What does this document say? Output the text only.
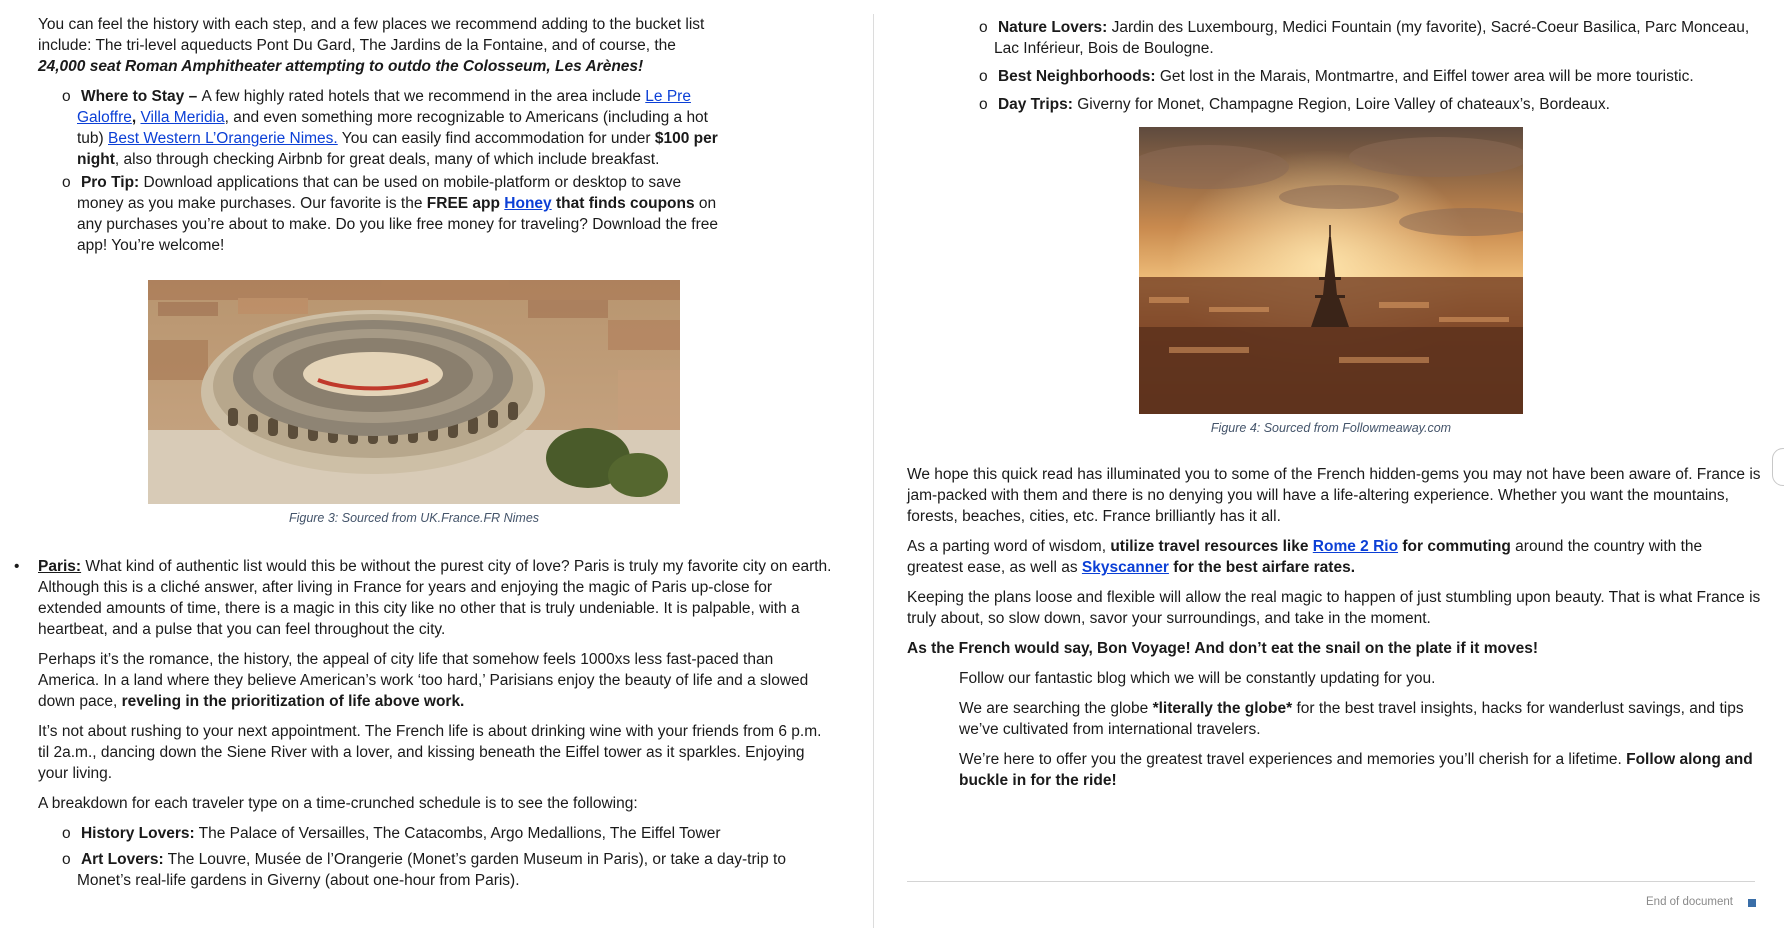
You can feel the history with each step, and a few places we recommend adding to the bucket list include: The tri-level aqueducts Pont Du Gard, The Jardins de la Fontaine, and of course, the 24,000 seat Roman Amphitheater attempting to outdo the Colosseum, Les Arènes!

o Where to Stay – A few highly rated hotels that we recommend in the area include Le Pre Galoffre, Villa Meridia, and even something more recognizable to Americans (including a hot tub) Best Western L’Orangerie Nimes. You can easily find accommodation for under $100 per night, also through checking Airbnb for great deals, many of which include breakfast.
o Pro Tip: Download applications that can be used on mobile-platform or desktop to save money as you make purchases. Our favorite is the FREE app Honey that finds coupons on any purchases you’re about to make. Do you like free money for traveling? Download the free app! You’re welcome!
Figure 3: Sourced from UK.France.FR Nimes

• Paris: What kind of authentic list would this be without the purest city of love? Paris is truly my favorite city on earth. Although this is a cliché answer, after living in France for years and enjoying the magic of Paris up-close for extended amounts of time, there is a magic in this city like no other that is truly undeniable. It is palpable, with a heartbeat, and a pulse that you can feel throughout the city.

Perhaps it’s the romance, the history, the appeal of city life that somehow feels 1000xs less fast-paced than America. In a land where they believe American’s work ‘too hard,’ Parisians enjoy the beauty of life and a slowed down pace, reveling in the prioritization of life above work.

It’s not about rushing to your next appointment. The French life is about drinking wine with your friends from 6 p.m. til 2a.m., dancing down the Siene River with a lover, and kissing beneath the Eiffel tower as it sparkles. Enjoying your living.

A breakdown for each traveler type on a time-crunched schedule is to see the following:

o History Lovers: The Palace of Versailles, The Catacombs, Argo Medallions, The Eiffel Tower
o Art Lovers: The Louvre, Musée de l’Orangerie (Monet’s garden Museum in Paris), or take a day-trip to Monet’s real-life gardens in Giverny (about one-hour from Paris).
o Nature Lovers: Jardin des Luxembourg, Medici Fountain (my favorite), Sacré-Coeur Basilica, Parc Monceau, Lac Inférieur, Bois de Boulogne.
o Best Neighborhoods: Get lost in the Marais, Montmartre, and Eiffel tower area will be more touristic.
o Day Trips: Giverny for Monet, Champagne Region, Loire Valley of chateaux’s, Bordeaux.
Figure 4: Sourced from Followmeaway.com

We hope this quick read has illuminated you to some of the French hidden-gems you may not have been aware of. France is jam-packed with them and there is no denying you will have a life-altering experience. Whether you want the mountains, forests, beaches, cities, etc. France brilliantly has it all.

As a parting word of wisdom, utilize travel resources like Rome 2 Rio for commuting around the country with the greatest ease, as well as Skyscanner for the best airfare rates.

Keeping the plans loose and flexible will allow the real magic to happen of just stumbling upon beauty. That is what France is truly about, so slow down, savor your surroundings, and take in the moment.

As the French would say, Bon Voyage! And don’t eat the snail on the plate if it moves!

Follow our fantastic blog which we will be constantly updating for you.

We are searching the globe *literally the globe* for the best travel insights, hacks for wanderlust savings, and tips we’ve cultivated from international travelers.

We’re here to offer you the greatest travel experiences and memories you’ll cherish for a lifetime. Follow along and buckle in for the ride!

End of document
